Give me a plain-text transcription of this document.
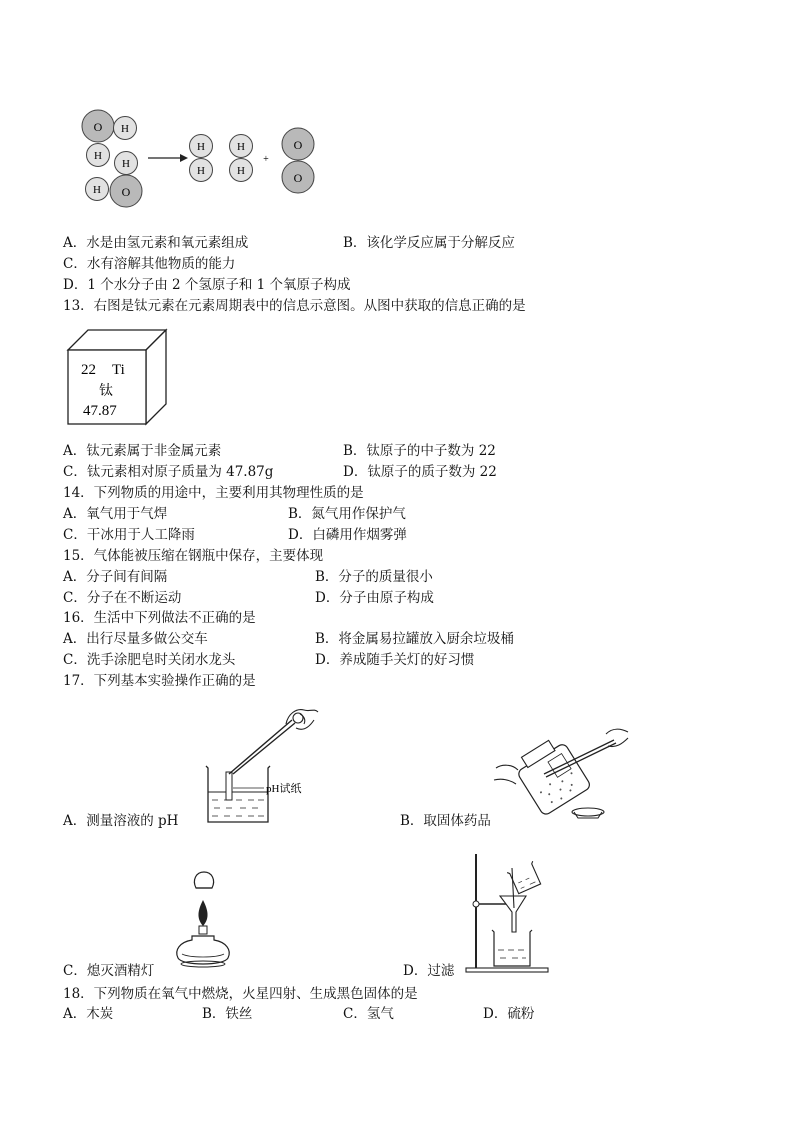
O H
H
H
H O
H
H
H
H
+
O
O
A．水是由氢元素和氧元素组成	B．该化学反应属于分解反应
C．水有溶解其他物质的能力
D．1 个水分子由 2 个氢原子和 1 个氧原子构成
13．右图是钛元素在元素周期表中的信息示意图。从图中获取的信息正确的是
22 Ti
钛
47.87
A．钛元素属于非金属元素	B．钛原子的中子数为 22
C．钛元素相对原子质量为 47.87g	D．钛原子的质子数为 22
14．下列物质的用途中，主要利用其物理性质的是
A．氧气用于气焊	B．氮气用作保护气
C．干冰用于人工降雨	D．白磷用作烟雾弹
15．气体能被压缩在钢瓶中保存，主要体现
A．分子间有间隔	B．分子的质量很小
C．分子在不断运动	D．分子由原子构成
16．生活中下列做法不正确的是
A．出行尽量多做公交车	B．将金属易拉罐放入厨余垃圾桶
C．洗手涂肥皂时关闭水龙头	D．养成随手关灯的好习惯
17．下列基本实验操作正确的是
pH试纸
A．测量溶液的 pH	B．取固体药品
C．熄灭酒精灯	D．过滤
18．下列物质在氧气中燃烧，火星四射、生成黑色固体的是
A．木炭	B．铁丝	C．氢气	D．硫粉
